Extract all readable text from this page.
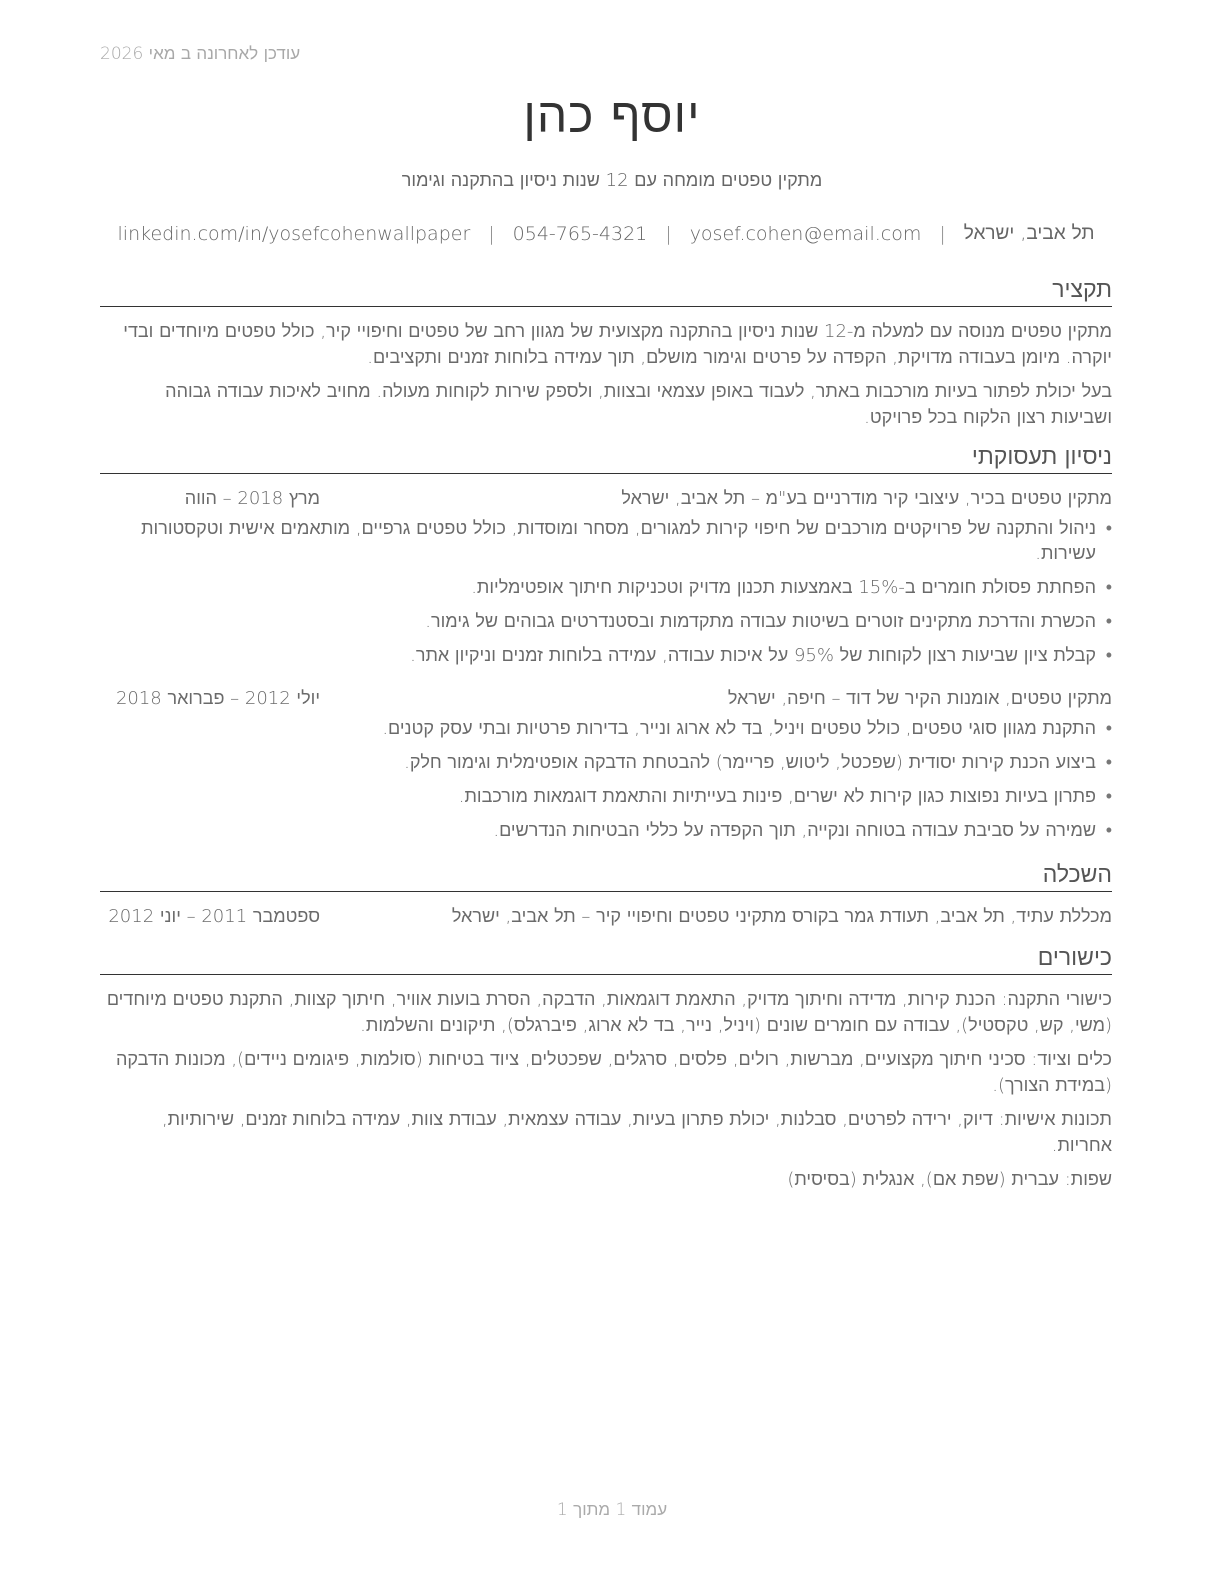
עודכן לאחרונה ב מאי 2026
יוסף כהן
מתקין טפטים מומחה עם 12 שנות ניסיון בהתקנה וגימור
תל אביב, ישראל
|
yosef.cohen@email.com
|
054-765-4321
|
linkedin.com/in/yosefcohenwallpaper
תקציר

מתקין טפטים מנוסה עם למעלה מ-12 שנות ניסיון בהתקנה מקצועית של מגוון רחב של טפטים וחיפויי קיר, כולל טפטים מיוחדים ובדי יוקרה. מיומן בעבודה מדויקת, הקפדה על פרטים וגימור מושלם, תוך עמידה בלוחות זמנים ותקציבים.

בעל יכולת לפתור בעיות מורכבות באתר, לעבוד באופן עצמאי ובצוות, ולספק שירות לקוחות מעולה. מחויב לאיכות עבודה גבוהה ושביעות רצון הלקוח בכל פרויקט.

ניסיון תעסוקתי
מתקין טפטים בכיר, עיצובי קיר מודרניים בע"מ – תל אביב, ישראל
מרץ 2018 – הווה
• ניהול והתקנה של פרויקטים מורכבים של חיפוי קירות למגורים, מסחר ומוסדות, כולל טפטים גרפיים, מותאמים אישית וטקסטורות עשירות.
• הפחתת פסולת חומרים ב-15% באמצעות תכנון מדויק וטכניקות חיתוך אופטימליות.
• הכשרת והדרכת מתקינים זוטרים בשיטות עבודה מתקדמות ובסטנדרטים גבוהים של גימור.
• קבלת ציון שביעות רצון לקוחות של 95% על איכות עבודה, עמידה בלוחות זמנים וניקיון אתר.
מתקין טפטים, אומנות הקיר של דוד – חיפה, ישראל
יולי 2012 – פברואר 2018
• התקנת מגוון סוגי טפטים, כולל טפטים ויניל, בד לא ארוג ונייר, בדירות פרטיות ובתי עסק קטנים.
• ביצוע הכנת קירות יסודית (שפכטל, ליטוש, פריימר) להבטחת הדבקה אופטימלית וגימור חלק.
• פתרון בעיות נפוצות כגון קירות לא ישרים, פינות בעייתיות והתאמת דוגמאות מורכבות.
• שמירה על סביבת עבודה בטוחה ונקייה, תוך הקפדה על כללי הבטיחות הנדרשים.
השכלה
מכללת עתיד, תל אביב, תעודת גמר בקורס מתקיני טפטים וחיפויי קיר – תל אביב, ישראל
ספטמבר 2011 – יוני 2012
כישורים

כישורי התקנה: הכנת קירות, מדידה וחיתוך מדויק, התאמת דוגמאות, הדבקה, הסרת בועות אוויר, חיתוך קצוות, התקנת טפטים מיוחדים (משי, קש, טקסטיל), עבודה עם חומרים שונים (ויניל, נייר, בד לא ארוג, פיברגלס), תיקונים והשלמות.

כלים וציוד: סכיני חיתוך מקצועיים, מברשות, רולים, פלסים, סרגלים, שפכטלים, ציוד בטיחות (סולמות, פיגומים ניידים), מכונות הדבקה (במידת הצורך).

תכונות אישיות: דיוק, ירידה לפרטים, סבלנות, יכולת פתרון בעיות, עבודה עצמאית, עבודת צוות, עמידה בלוחות זמנים, שירותיות, אחריות.

שפות: עברית (שפת אם), אנגלית (בסיסית)

עמוד 1 מתוך 1
